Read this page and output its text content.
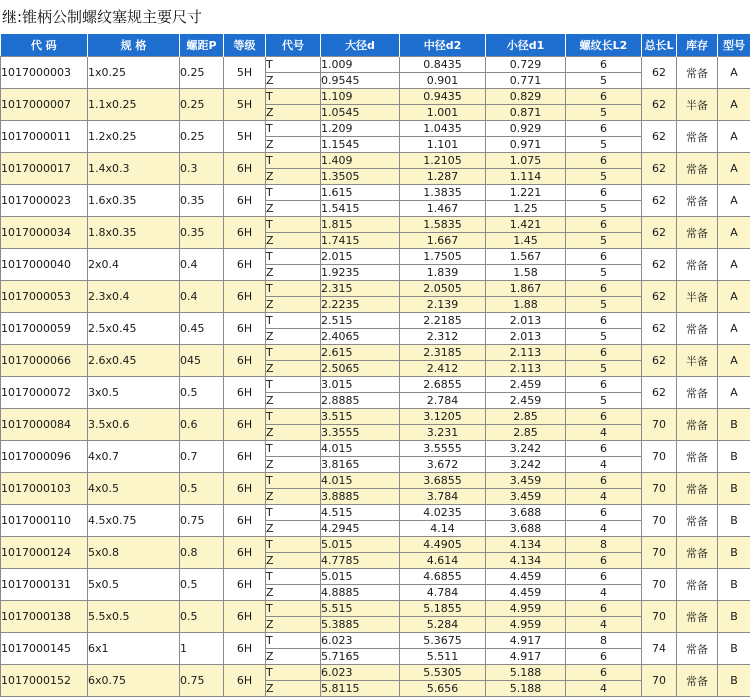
继:锥柄公制螺纹塞规主要尺寸
代 码	规 格	螺距P	等级	代号	大径d	中径d2	小径d1	螺纹长L2	总长L	库存	型号
1017000003	1x0.25	0.25	5H	T	1.009	0.8435	0.729	6	62	常备	A
				Z	0.9545	0.901	0.771	5			
1017000007	1.1x0.25	0.25	5H	T	1.109	0.9435	0.829	6	62	半备	A
				Z	1.0545	1.001	0.871	5			
1017000011	1.2x0.25	0.25	5H	T	1.209	1.0435	0.929	6	62	常备	A
				Z	1.1545	1.101	0.971	5			
1017000017	1.4x0.3	0.3	6H	T	1.409	1.2105	1.075	6	62	常备	A
				Z	1.3505	1.287	1.114	5			
1017000023	1.6x0.35	0.35	6H	T	1.615	1.3835	1.221	6	62	常备	A
				Z	1.5415	1.467	1.25	5			
1017000034	1.8x0.35	0.35	6H	T	1.815	1.5835	1.421	6	62	常备	A
				Z	1.7415	1.667	1.45	5			
1017000040	2x0.4	0.4	6H	T	2.015	1.7505	1.567	6	62	常备	A
				Z	1.9235	1.839	1.58	5			
1017000053	2.3x0.4	0.4	6H	T	2.315	2.0505	1.867	6	62	半备	A
				Z	2.2235	2.139	1.88	5			
1017000059	2.5x0.45	0.45	6H	T	2.515	2.2185	2.013	6	62	常备	A
				Z	2.4065	2.312	2.013	5			
1017000066	2.6x0.45	045	6H	T	2.615	2.3185	2.113	6	62	半备	A
				Z	2.5065	2.412	2.113	5			
1017000072	3x0.5	0.5	6H	T	3.015	2.6855	2.459	6	62	常备	A
				Z	2.8885	2.784	2.459	5			
1017000084	3.5x0.6	0.6	6H	T	3.515	3.1205	2.85	6	70	常备	B
				Z	3.3555	3.231	2.85	4			
1017000096	4x0.7	0.7	6H	T	4.015	3.5555	3.242	6	70	常备	B
				Z	3.8165	3.672	3.242	4			
1017000103	4x0.5	0.5	6H	T	4.015	3.6855	3.459	6	70	常备	B
				Z	3.8885	3.784	3.459	4			
1017000110	4.5x0.75	0.75	6H	T	4.515	4.0235	3.688	6	70	常备	B
				Z	4.2945	4.14	3.688	4			
1017000124	5x0.8	0.8	6H	T	5.015	4.4905	4.134	8	70	常备	B
				Z	4.7785	4.614	4.134	6			
1017000131	5x0.5	0.5	6H	T	5.015	4.6855	4.459	6	70	常备	B
				Z	4.8885	4.784	4.459	4			
1017000138	5.5x0.5	0.5	6H	T	5.515	5.1855	4.959	6	70	常备	B
				Z	5.3885	5.284	4.959	4			
1017000145	6x1	1	6H	T	6.023	5.3675	4.917	8	74	常备	B
				Z	5.7165	5.511	4.917	6			
1017000152	6x0.75	0.75	6H	T	6.023	5.5305	5.188	6	70	常备	B
				Z	5.8115	5.656	5.188	4			
